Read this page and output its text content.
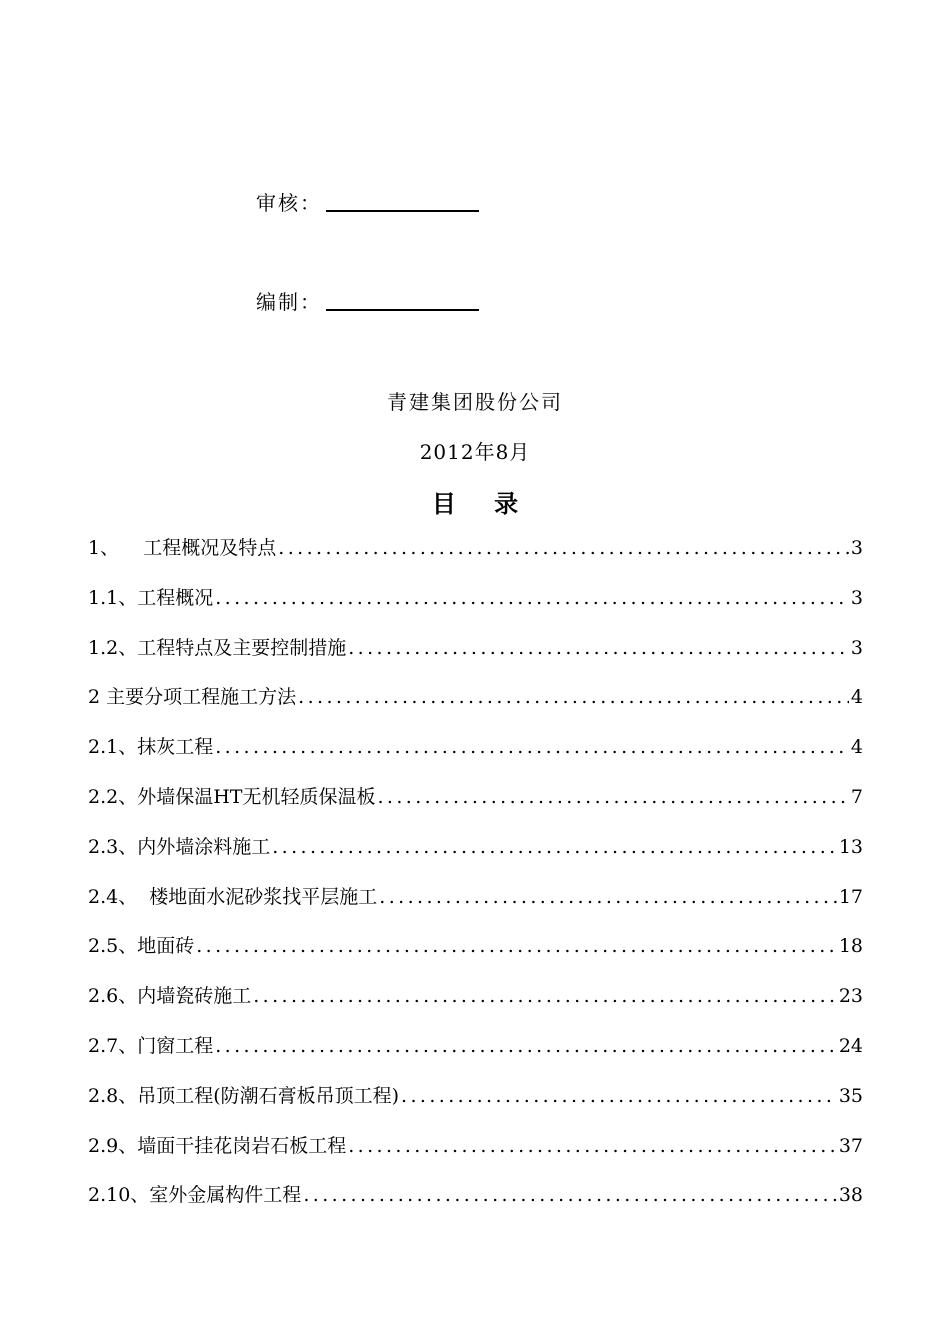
审核：
编制：
青建集团股份公司
2012年8月
目 录
1、    工程概况及特点 .....	3
1.1、工程概况 .....	3
1.2、工程特点及主要控制措施 .....	3
2 主要分项工程施工方法 .....	4
2.1、抹灰工程 .....	4
2.2、外墙保温HT无机轻质保温板 .....	7
2.3、内外墙涂料施工 .....	13
2.4、  楼地面水泥砂浆找平层施工 .....	17
2.5、地面砖 .....	18
2.6、内墙瓷砖施工 .....	23
2.7、门窗工程 .....	24
2.8、吊顶工程(防潮石膏板吊顶工程) .....	35
2.9、墙面干挂花岗岩石板工程 .....	37
2.10、室外金属构件工程 .....	38
